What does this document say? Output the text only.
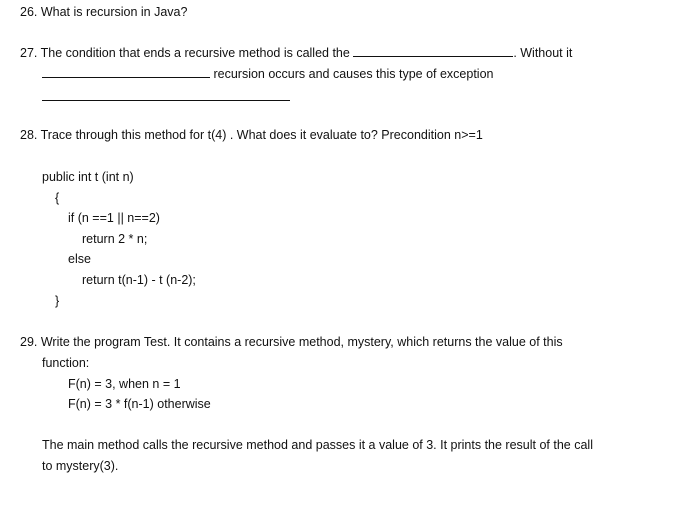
26. What is recursion in Java?
27. The condition that ends a recursive method is called the	. Without it
recursion occurs and causes this type of exception
28. Trace through this method for t(4) . What does it evaluate to? Precondition n>=1
public int t (int n)
{
if (n ==1 || n==2)
return 2 * n;
else
return t(n-1) - t (n-2);
}
29. Write the program Test. It contains a recursive method, mystery, which returns the value of this
function:
F(n) = 3, when n = 1
F(n) = 3 * f(n-1) otherwise
The main method calls the recursive method and passes it a value of 3. It prints the result of the call
to mystery(3).
